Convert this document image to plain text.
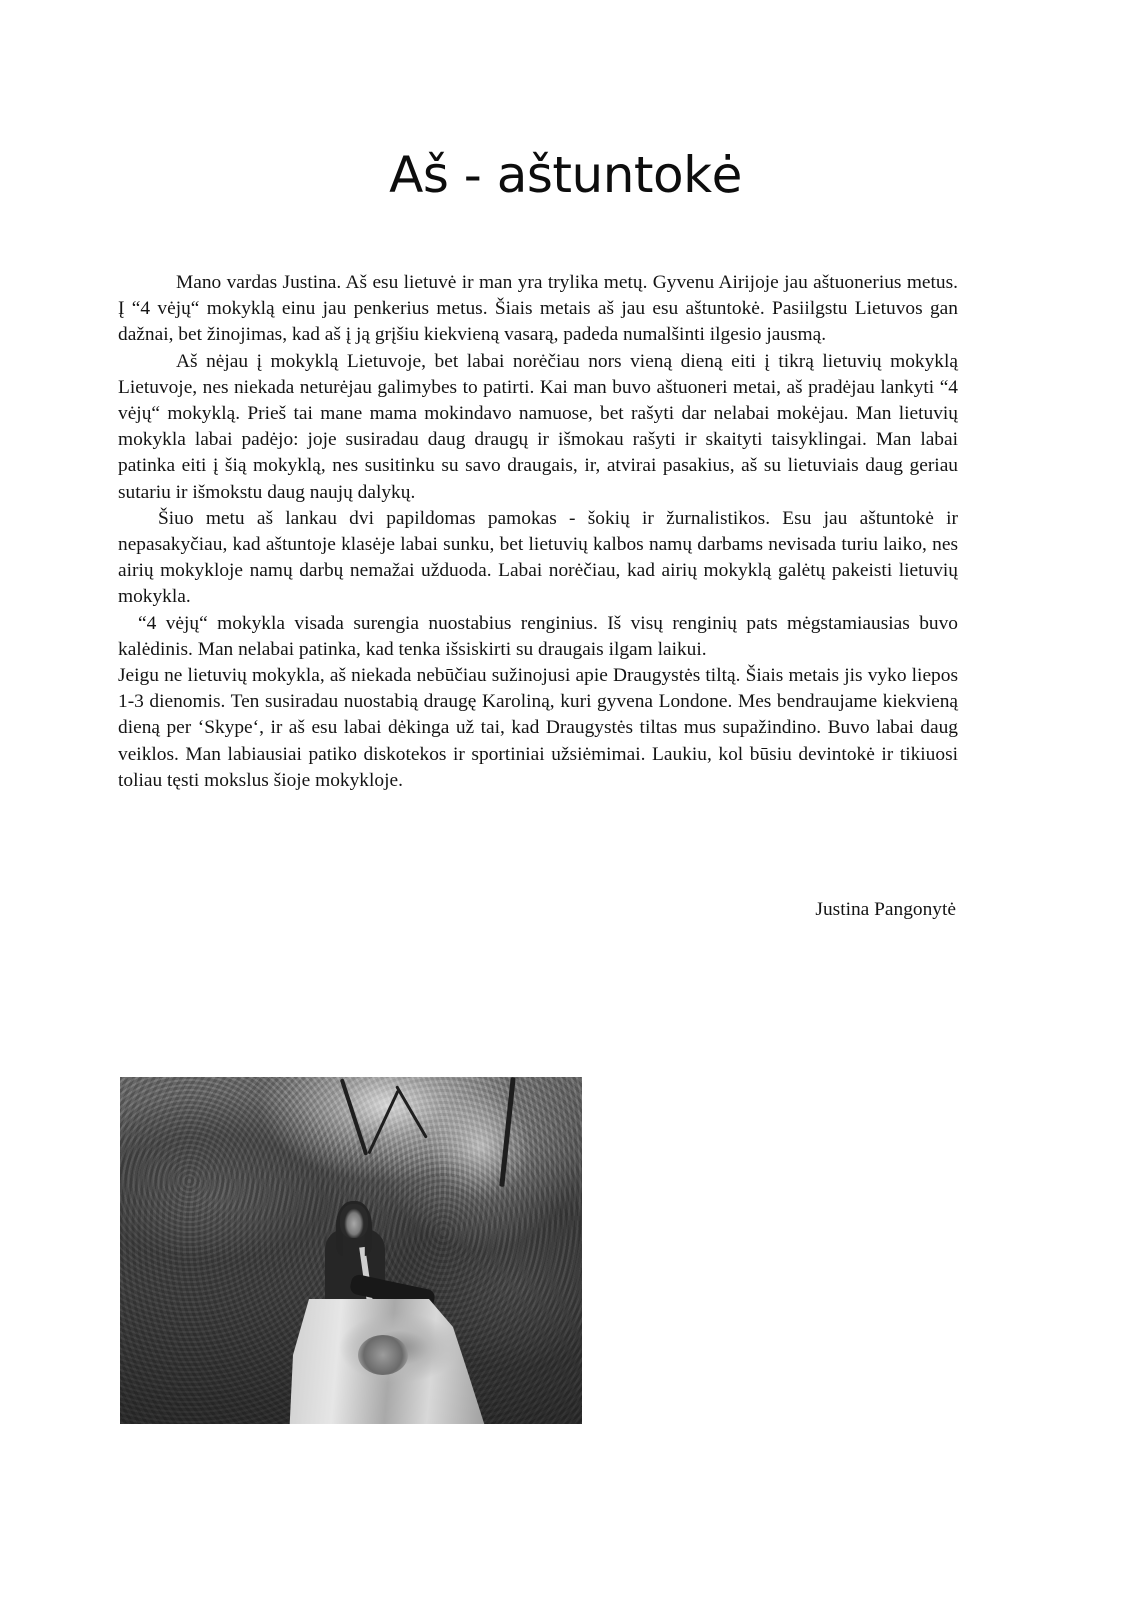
Aš - aštuntokė

Mano vardas Justina. Aš esu lietuvė ir man yra trylika metų. Gyvenu Airijoje jau aštuonerius metus. Į “4 vėjų“ mokyklą einu jau penkerius metus. Šiais metais aš jau esu aštuntokė. Pasiilgstu Lietuvos gan dažnai, bet žinojimas, kad aš į ją grįšiu kiekvieną vasarą, padeda numalšinti ilgesio jausmą.

Aš nėjau į mokyklą Lietuvoje, bet labai norėčiau nors vieną dieną eiti į tikrą lietuvių mokyklą Lietuvoje, nes niekada neturėjau galimybes to patirti. Kai man buvo aštuoneri metai, aš pradėjau lankyti “4 vėjų“ mokyklą. Prieš tai mane mama mokindavo namuose, bet rašyti dar nelabai mokėjau. Man lietuvių mokykla labai padėjo: joje susiradau daug draugų ir išmokau rašyti ir skaityti taisyklingai. Man labai patinka eiti į šią mokyklą, nes susitinku su savo draugais, ir, atvirai pasakius, aš su lietuviais daug geriau sutariu ir išmokstu daug naujų dalykų.

Šiuo metu aš lankau dvi papildomas pamokas - šokių ir žurnalistikos. Esu jau aštuntokė ir nepasakyčiau, kad aštuntoje klasėje labai sunku, bet lietuvių kalbos namų darbams nevisada turiu laiko, nes airių mokykloje namų darbų nemažai užduoda. Labai norėčiau, kad airių mokyklą galėtų pakeisti lietuvių mokykla.

“4 vėjų“ mokykla visada surengia nuostabius renginius. Iš visų renginių pats mėgstamiausias buvo kalėdinis. Man nelabai patinka, kad tenka išsiskirti su draugais ilgam laikui.

Jeigu ne lietuvių mokykla, aš niekada nebūčiau sužinojusi apie Draugystės tiltą. Šiais metais jis vyko liepos 1-3 dienomis. Ten susiradau nuostabią draugę Karoliną, kuri gyvena Londone. Mes bendraujame kiekvieną dieną per ‘Skype‘, ir aš esu labai dėkinga už tai, kad Draugystės tiltas mus supažindino. Buvo labai daug veiklos. Man labiausiai patiko diskotekos ir sportiniai užsiėmimai. Laukiu, kol būsiu devintokė ir tikiuosi toliau tęsti mokslus šioje mokykloje.

Justina Pangonytė
